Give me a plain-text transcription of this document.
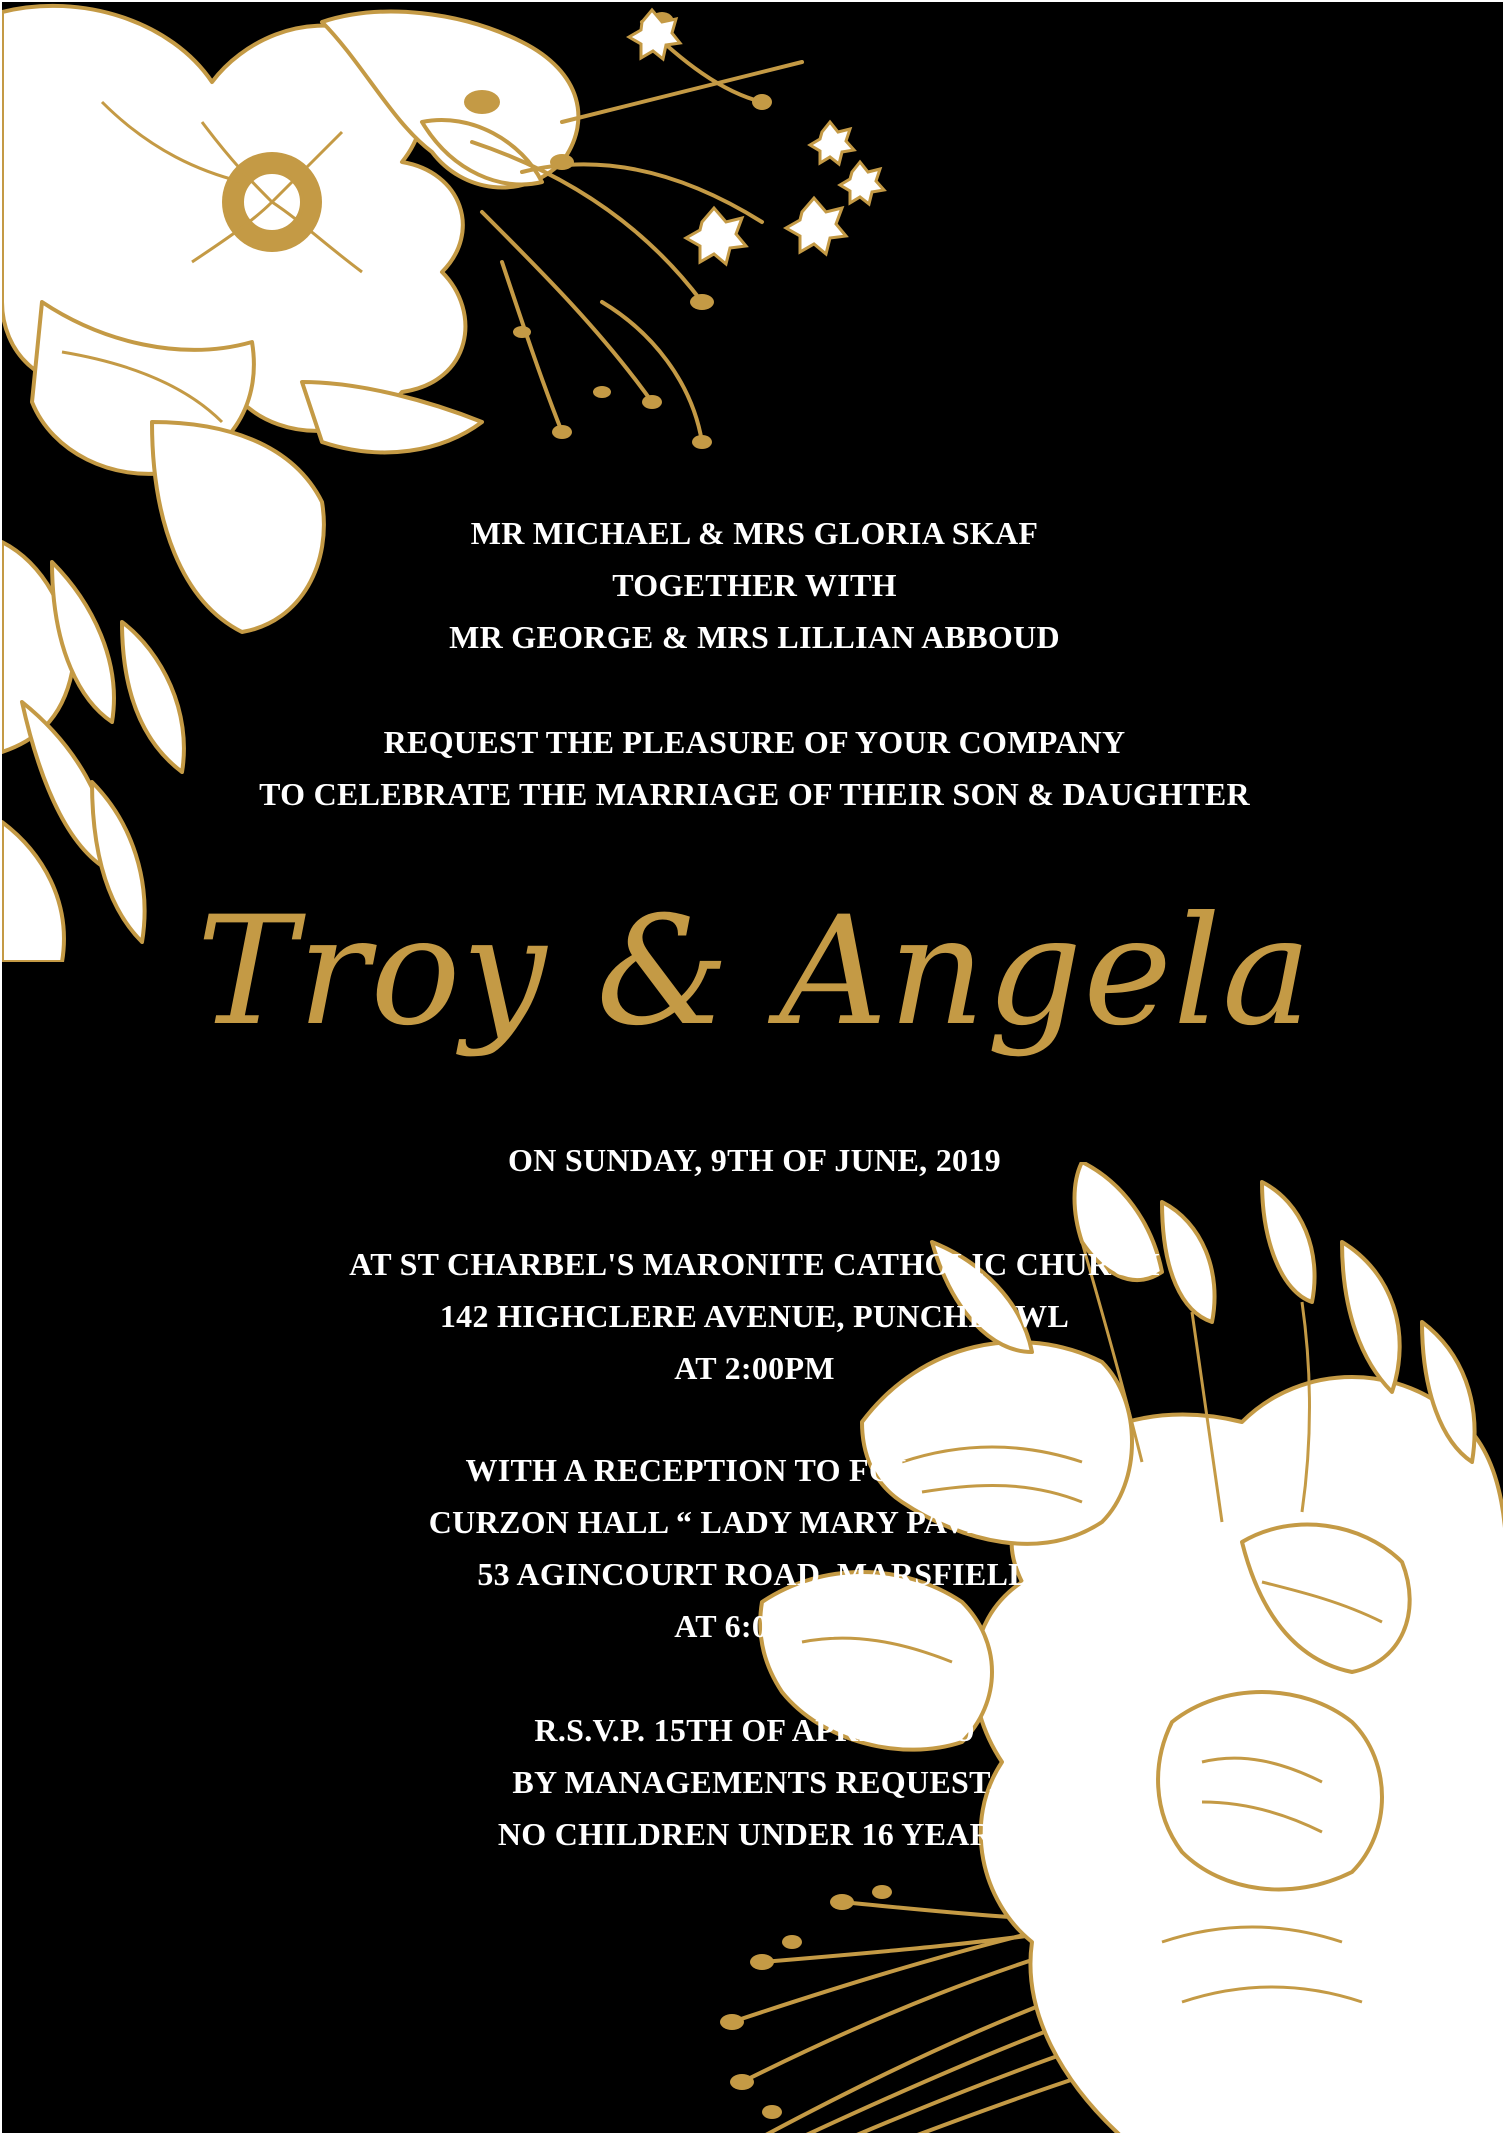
MR MICHAEL & MRS GLORIA SKAF
TOGETHER WITH
MR GEORGE & MRS LILLIAN ABBOUD
REQUEST THE PLEASURE OF YOUR COMPANY
TO CELEBRATE THE MARRIAGE OF THEIR SON & DAUGHTER
Troy & Angela
ON SUNDAY, 9TH OF JUNE, 2019
AT ST CHARBEL'S MARONITE CATHOLIC CHURCH
142 HIGHCLERE AVENUE, PUNCHBOWL
AT 2:00PM
WITH A RECEPTION TO FOLLOW AT
CURZON HALL “ LADY MARY PAVILION"
53 AGINCOURT ROAD, MARSFIELD
AT 6:00PM
R.S.V.P. 15TH OF APRIL, 2019
BY MANAGEMENTS REQUEST,
NO CHILDREN UNDER 16 YEARS
